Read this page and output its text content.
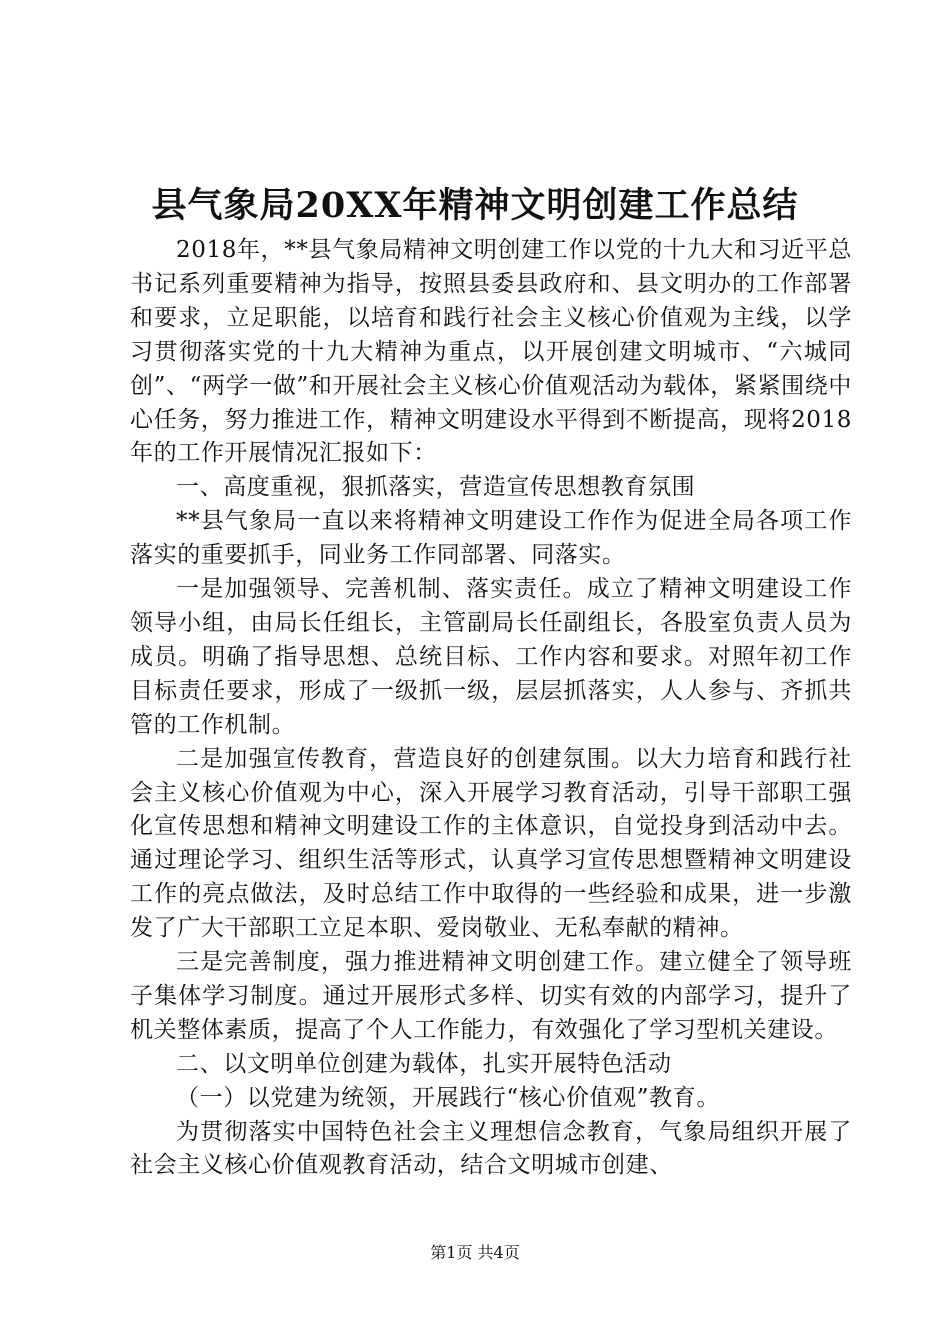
县气象局20XX年精神文明创建工作总结

2018年，**县气象局精神文明创建工作以党的十九大和习近平总书记系列重要精神为指导，按照县委县政府和、县文明办的工作部署和要求，立足职能，以培育和践行社会主义核心价值观为主线，以学习贯彻落实党的十九大精神为重点，以开展创建文明城市、“六城同创”、“两学一做”和开展社会主义核心价值观活动为载体，紧紧围绕中心任务，努力推进工作，精神文明建设水平得到不断提高，现将2018年的工作开展情况汇报如下：

一、高度重视，狠抓落实，营造宣传思想教育氛围

**县气象局一直以来将精神文明建设工作作为促进全局各项工作落实的重要抓手，同业务工作同部署、同落实。

一是加强领导、完善机制、落实责任。成立了精神文明建设工作领导小组，由局长任组长，主管副局长任副组长，各股室负责人员为成员。明确了指导思想、总统目标、工作内容和要求。对照年初工作目标责任要求，形成了一级抓一级，层层抓落实，人人参与、齐抓共管的工作机制。

二是加强宣传教育，营造良好的创建氛围。以大力培育和践行社会主义核心价值观为中心，深入开展学习教育活动，引导干部职工强化宣传思想和精神文明建设工作的主体意识，自觉投身到活动中去。通过理论学习、组织生活等形式，认真学习宣传思想暨精神文明建设工作的亮点做法，及时总结工作中取得的一些经验和成果，进一步激发了广大干部职工立足本职、爱岗敬业、无私奉献的精神。

三是完善制度，强力推进精神文明创建工作。建立健全了领导班子集体学习制度。通过开展形式多样、切实有效的内部学习，提升了机关整体素质，提高了个人工作能力，有效强化了学习型机关建设。

二、以文明单位创建为载体，扎实开展特色活动

（一）以党建为统领，开展践行“核心价值观”教育。

为贯彻落实中国特色社会主义理想信念教育，气象局组织开展了社会主义核心价值观教育活动，结合文明城市创建、

第1页 共4页
